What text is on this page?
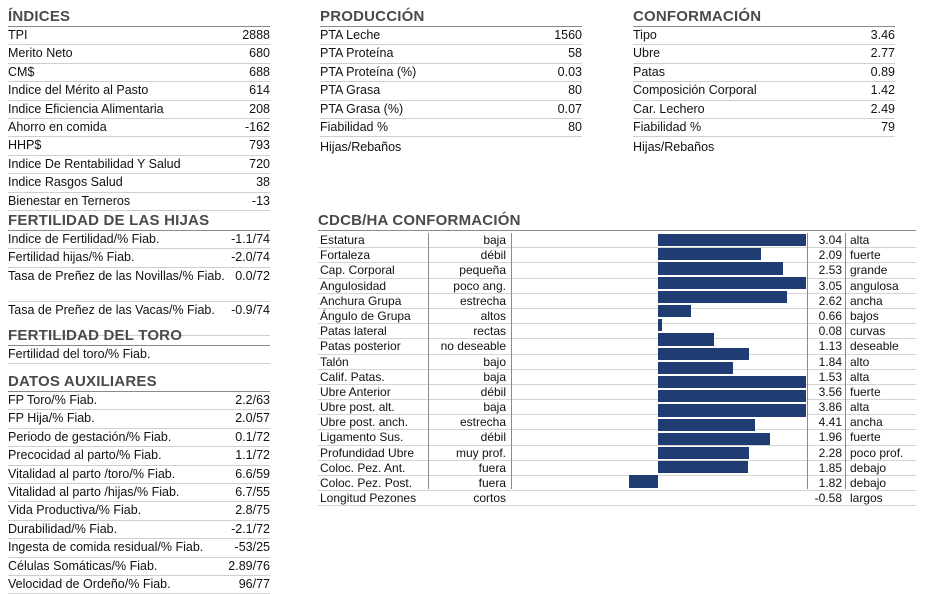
ÍNDICES
TPI	2888
Merito Neto	680
CM$	688
Indice del Mérito al Pasto	614
Indice Eficiencia Alimentaria	208
Ahorro en comida	-162
HHP$	793
Indice De Rentabilidad Y Salud	720
Indice Rasgos Salud	38
Bienestar en Terneros	-13
PRODUCCIÓN
PTA Leche	1560
PTA Proteína	58
PTA Proteína (%)	0.03
PTA Grasa	80
PTA Grasa (%)	0.07
Fiabilidad %	80
Hijas/Rebaños
CONFORMACIÓN
Tipo	3.46
Ubre	2.77
Patas	0.89
Composición Corporal	1.42
Car. Lechero	2.49
Fiabilidad %	79
Hijas/Rebaños
FERTILIDAD DE LAS HIJAS
Indice de Fertilidad/% Fiab.	-1.1/74
Fertilidad hijas/% Fiab.	-2.0/74
Tasa de Preñez de las Novillas/% Fiab. 0.0/72
Tasa de Preñez de las Vacas/% Fiab.	-0.9/74
FERTILIDAD DEL TORO
Fertilidad del toro/% Fiab.
DATOS AUXILIARES
FP Toro/% Fiab.	2.2/63
FP Hija/% Fiab.	2.0/57
Periodo de gestación/% Fiab.	0.1/72
Precocidad al parto/% Fiab.	1.1/72
Vitalidad al parto /toro/% Fiab.	6.6/59
Vitalidad al parto /hijas/% Fiab.	6.7/55
Vida Productiva/% Fiab.	2.8/75
Durabilidad/% Fiab.	-2.1/72
Ingesta de comida residual/% Fiab.	-53/25
Células Somáticas/% Fiab.	2.89/76
Velocidad de Ordeño/% Fiab.	96/77
CDCB/HA CONFORMACIÓN
Estatura	baja	3.04 alta
Fortaleza	débil	2.09 fuerte
Cap. Corporal	pequeña	2.53 grande
Angulosidad	poco ang.	3.05 angulosa
Anchura Grupa	estrecha	2.62 ancha
Ángulo de Grupa	altos	0.66 bajos
Patas lateral	rectas	0.08 curvas
Patas posterior	no deseable	1.13 deseable
Talón	bajo	1.84 alto
Calif. Patas.	baja	1.53 alta
Ubre Anterior	débil	3.56 fuerte
Ubre post. alt.	baja	3.86 alta
Ubre post. anch.	estrecha	4.41 ancha
Ligamento Sus.	débil	1.96 fuerte
Profundidad Ubre	muy prof.	2.28 poco prof.
Coloc. Pez. Ant.	fuera	1.85 debajo
Coloc. Pez. Post.	fuera	1.82 debajo
Longitud Pezones	cortos	-0.58 largos
